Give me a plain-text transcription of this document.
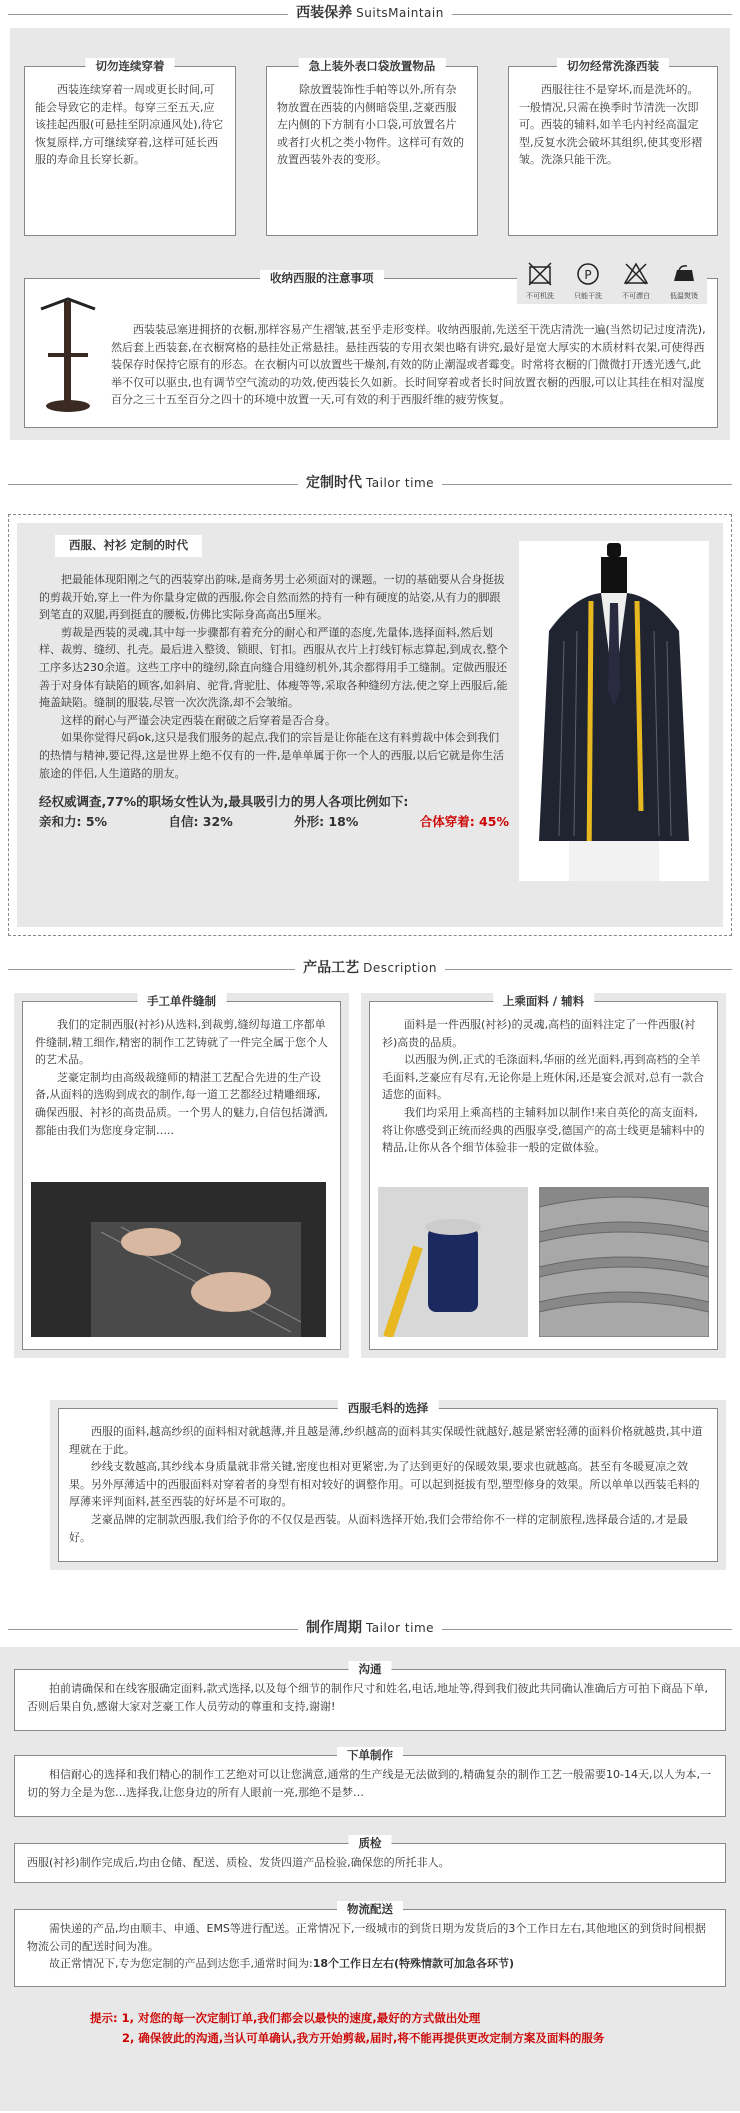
西装保养 SuitsMaintain
切勿连续穿着

西装连续穿着一周或更长时间,可能会导致它的走样。每穿三至五天,应该挂起西服(可悬挂至阴凉通风处),待它恢复原样,方可继续穿着,这样可延长西服的寿命且长穿长新。

急上装外表口袋放置物品

除放置装饰性手帕等以外,所有杂物放置在西装的内侧暗袋里,芝豪西服左内侧的下方制有小口袋,可放置名片或者打火机之类小物件。这样可有效的放置西装外表的变形。

切勿经常洗涤西装

西服往往不是穿坏,而是洗坏的。一般情况,只需在换季时节清洗一次即可。西装的辅料,如羊毛内衬经高温定型,反复水洗会破坏其组织,使其变形褶皱。洗涤只能干洗。

收纳西服的注意事项
不可机洗
P
只能干洗	不可漂白	低温熨烫

西装装忌塞进拥挤的衣橱,那样容易产生褶皱,甚至乎走形变样。收纳西服前,先送至干洗店清洗一遍(当然切记过度清洗),然后套上西装套,在衣橱窝格的悬挂处正常悬挂。悬挂西装的专用衣架也略有讲究,最好是宽大厚实的木质材料衣架,可使得西装保存时保持它原有的形态。在衣橱内可以放置些干燥剂,有效的防止潮湿或者霉变。时常将衣橱的门微微打开透光透气,此举不仅可以驱虫,也有调节空气流动的功效,使西装长久如新。长时间穿着或者长时间放置衣橱的西服,可以让其挂在相对湿度百分之三十五至百分之四十的环境中放置一天,可有效的利于西服纤维的疲劳恢复。

定制时代 Tailor time
西服、衬衫 定制的时代

把最能体现阳刚之气的西装穿出韵味,是商务男士必须面对的课题。一切的基础要从合身挺拔的剪裁开始,穿上一件为你量身定做的西服,你会自然而然的持有一种有硬度的站姿,从有力的脚跟到笔直的双腿,再到挺直的腰板,仿佛比实际身高高出5厘米。

剪裁是西装的灵魂,其中每一步骤都有着充分的耐心和严谨的态度,先量体,选择面料,然后划样、裁剪、缝纫、扎壳。最后进入整烫、锁眼、钉扣。西服从衣片上打线钉标志算起,到成衣,整个工序多达230余道。这些工序中的缝纫,除直向缝合用缝纫机外,其余都得用手工缝制。定做西服还善于对身体有缺陷的顾客,如斜肩、驼背,背驼肚、体瘦等等,采取各种缝纫方法,使之穿上西服后,能掩盖缺陷。缝制的服装,尽管一次次洗涤,却不会皱缩。

这样的耐心与严谨会决定西装在耐破之后穿着是否合身。

如果你觉得尺码ok,这只是我们服务的起点,我们的宗旨是让你能在这有料剪裁中体会到我们的热情与精神,要记得,这是世界上绝不仅有的一件,是单单属于你一个人的西服,以后它就是你生活旅途的伴侣,人生道路的朋友。

经权威调查,77%的职场女性认为,最具吸引力的男人各项比例如下:
亲和力: 5%	自信: 32%	外形: 18%	合体穿着: 45%
产品工艺 Description
手工单件缝制

我们的定制西服(衬衫)从选料,到裁剪,缝纫每道工序都单件缝制,精工细作,精密的制作工艺铸就了一件完全属于您个人的艺术品。

芝豪定制均由高级裁缝师的精湛工艺配合先进的生产设备,从面料的选购到成衣的制作,每一道工艺都经过精雕细琢,确保西服、衬衫的高贵品质。一个男人的魅力,自信包括潇洒,都能由我们为您度身定制…..

上乘面料 / 辅料

面料是一件西服(衬衫)的灵魂,高档的面料注定了一件西服(衬衫)高贵的品质。

以西服为例,正式的毛涤面料,华丽的丝光面料,再到高档的全羊毛面料,芝豪应有尽有,无论你是上班休闲,还是宴会派对,总有一款合适您的面料。

我们均采用上乘高档的主辅料加以制作!来自英伦的高支面料,将让你感受到正统而经典的西服享受,德国产的高士线更是辅料中的精品,让你从各个细节体验非一般的定做体验。

西服毛料的选择

西服的面料,越高纱织的面料相对就越薄,并且越是薄,纱织越高的面料其实保暖性就越好,越是紧密轻薄的面料价格就越贵,其中道理就在于此。

纱线支数越高,其纱线本身质量就非常关键,密度也相对更紧密,为了达到更好的保暖效果,要求也就越高。甚至有冬暖夏凉之效果。另外厚薄适中的西服面料对穿着者的身型有相对较好的调整作用。可以起到挺拔有型,塑型修身的效果。所以单单以西装毛料的厚薄来评判面料,甚至西装的好坏是不可取的。

芝豪品牌的定制款西服,我们给予你的不仅仅是西装。从面料选择开始,我们会带给你不一样的定制旅程,选择最合适的,才是最好。

制作周期 Tailor time
沟通

拍前请确保和在线客服确定面料,款式选择,以及每个细节的制作尺寸和姓名,电话,地址等,得到我们彼此共同确认准确后方可拍下商品下单,否则后果自负,感谢大家对芝豪工作人员劳动的尊重和支持,谢谢!

下单制作

相信耐心的选择和我们精心的制作工艺绝对可以让您满意,通常的生产线是无法做到的,精确复杂的制作工艺一般需要10-14天,以人为本,一切的努力全是为您…选择我,让您身边的所有人眼前一亮,那绝不是梦…

质检

西服(衬衫)制作完成后,均由仓储、配送、质检、发货四道产品检验,确保您的所托非人。

物流配送

需快递的产品,均由顺丰、申通、EMS等进行配送。正常情况下,一级城市的到货日期为发货后的3个工作日左右,其他地区的到货时间根据物流公司的配送时间为准。

故正常情况下,专为您定制的产品到达您手,通常时间为:18个工作日左右(特殊情款可加急各环节)

提示: 1, 对您的每一次定制订单,我们都会以最快的速度,最好的方式做出处理
2, 确保彼此的沟通,当认可单确认,我方开始剪裁,届时,将不能再提供更改定制方案及面料的服务
